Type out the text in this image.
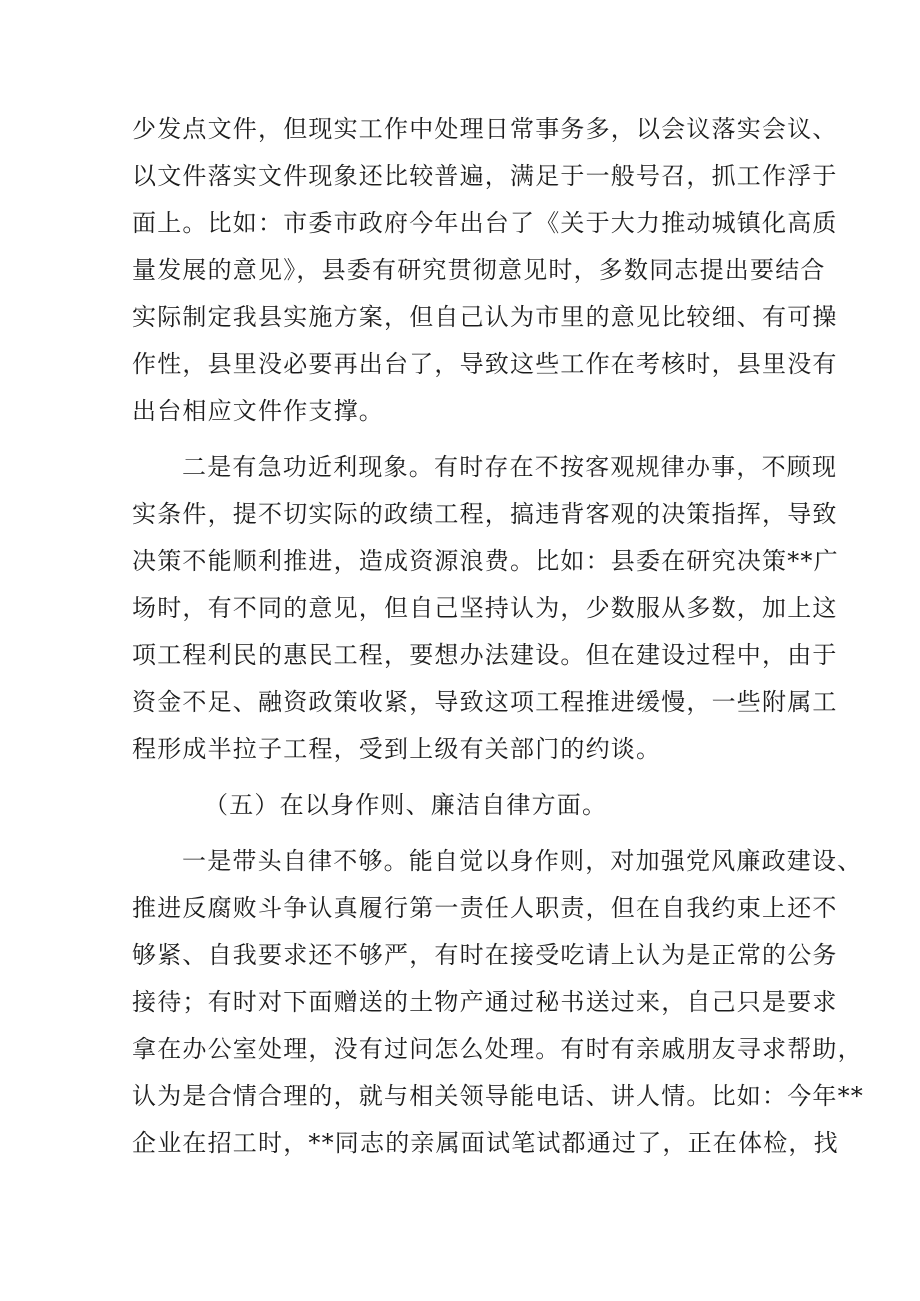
少发点文件，但现实工作中处理日常事务多，以会议落实会议、
以文件落实文件现象还比较普遍，满足于一般号召，抓工作浮于
面上。比如：市委市政府今年出台了《关于大力推动城镇化高质
量发展的意见》，县委有研究贯彻意见时，多数同志提出要结合
实际制定我县实施方案，但自己认为市里的意见比较细、有可操
作性，县里没必要再出台了，导致这些工作在考核时，县里没有
出台相应文件作支撑。
二是有急功近利现象。有时存在不按客观规律办事，不顾现
实条件，提不切实际的政绩工程，搞违背客观的决策指挥，导致
决策不能顺利推进，造成资源浪费。比如：县委在研究决策**广
场时，有不同的意见，但自己坚持认为，少数服从多数，加上这
项工程利民的惠民工程，要想办法建设。但在建设过程中，由于
资金不足、融资政策收紧，导致这项工程推进缓慢，一些附属工
程形成半拉子工程，受到上级有关部门的约谈。
（五）在以身作则、廉洁自律方面。
一是带头自律不够。能自觉以身作则，对加强党风廉政建设、
推进反腐败斗争认真履行第一责任人职责，但在自我约束上还不
够紧、自我要求还不够严，有时在接受吃请上认为是正常的公务
接待；有时对下面赠送的土物产通过秘书送过来，自己只是要求
拿在办公室处理，没有过问怎么处理。有时有亲戚朋友寻求帮助，
认为是合情合理的，就与相关领导能电话、讲人情。比如：今年**
企业在招工时，**同志的亲属面试笔试都通过了，正在体检，找
